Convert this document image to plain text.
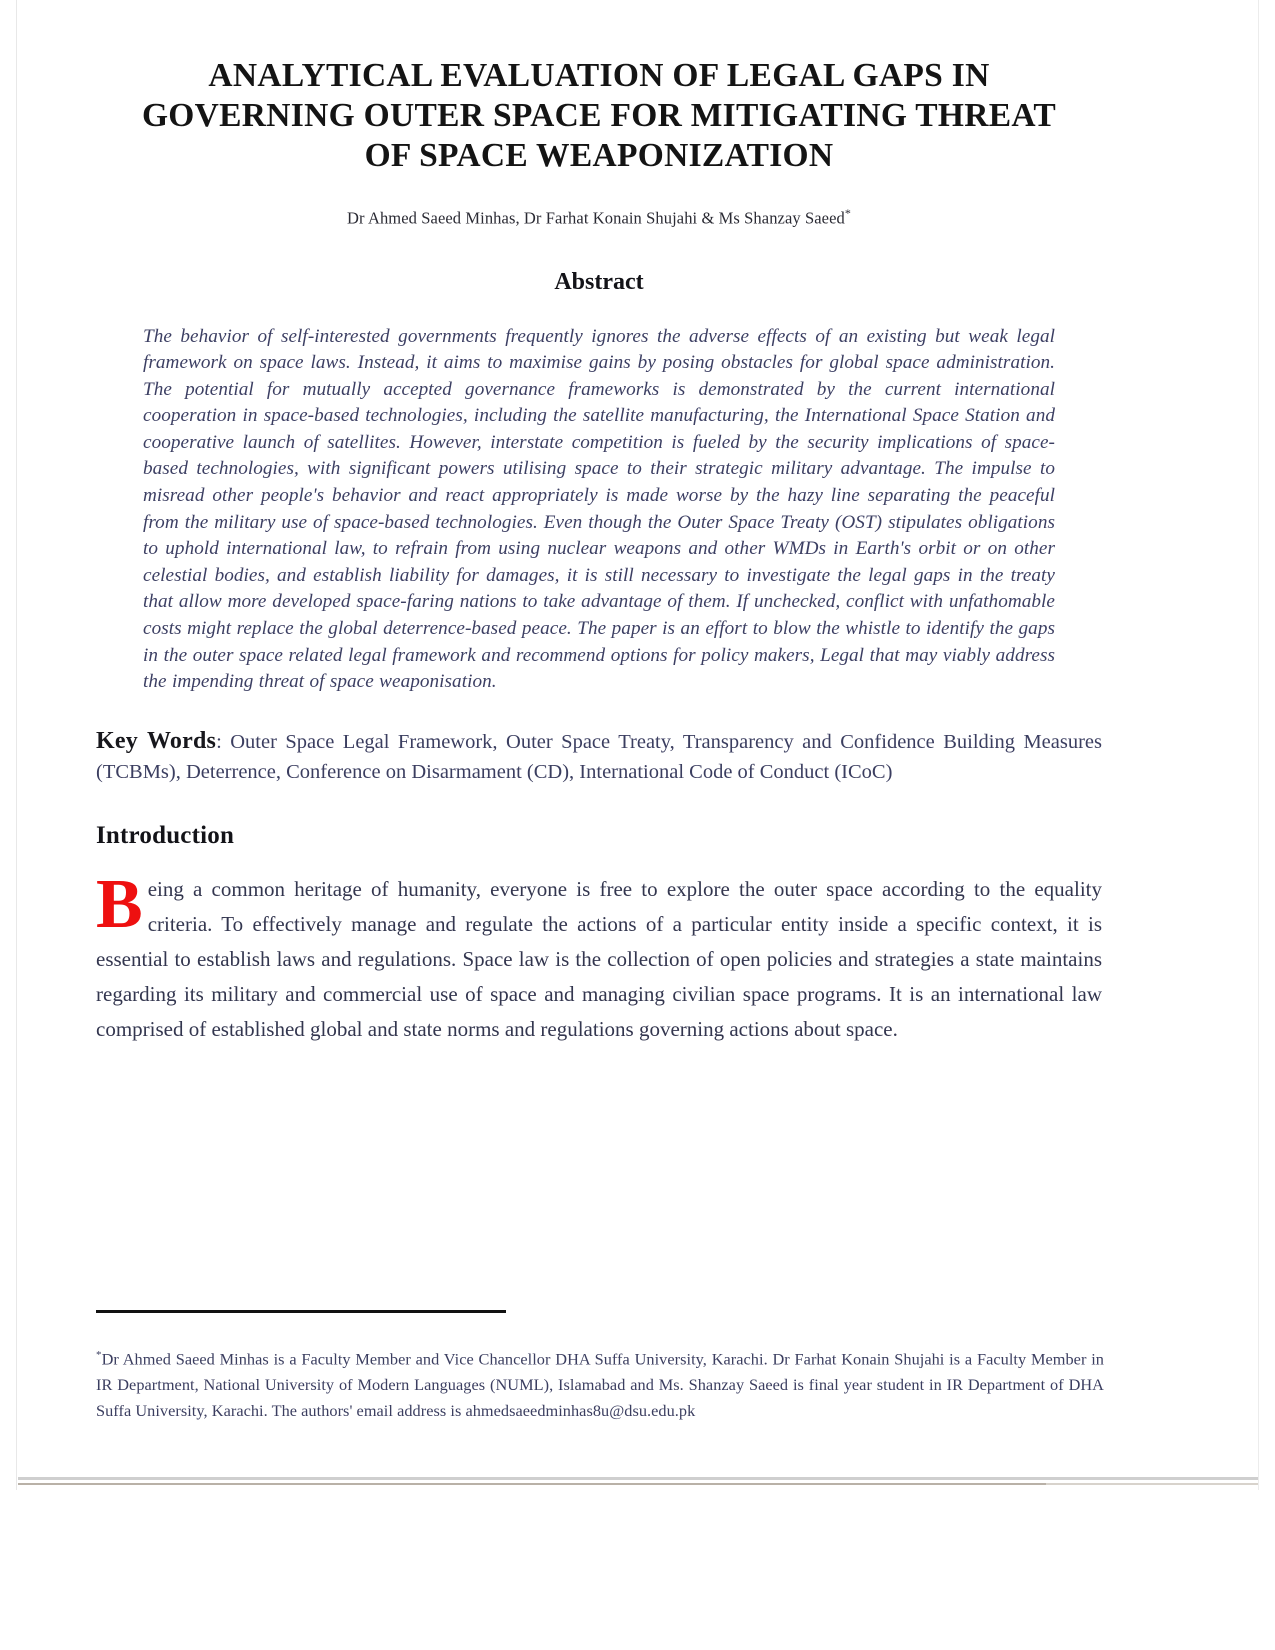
ANALYTICAL EVALUATION OF LEGAL GAPS IN GOVERNING OUTER SPACE FOR MITIGATING THREAT OF SPACE WEAPONIZATION
Dr Ahmed Saeed Minhas, Dr Farhat Konain Shujahi & Ms Shanzay Saeed*
Abstract

The behavior of self-interested governments frequently ignores the adverse effects of an existing but weak legal framework on space laws. Instead, it aims to maximise gains by posing obstacles for global space administration. The potential for mutually accepted governance frameworks is demonstrated by the current international cooperation in space-based technologies, including the satellite manufacturing, the International Space Station and cooperative launch of satellites. However, interstate competition is fueled by the security implications of space-based technologies, with significant powers utilising space to their strategic military advantage. The impulse to misread other people's behavior and react appropriately is made worse by the hazy line separating the peaceful from the military use of space-based technologies. Even though the Outer Space Treaty (OST) stipulates obligations to uphold international law, to refrain from using nuclear weapons and other WMDs in Earth's orbit or on other celestial bodies, and establish liability for damages, it is still necessary to investigate the legal gaps in the treaty that allow more developed space-faring nations to take advantage of them. If unchecked, conflict with unfathomable costs might replace the global deterrence-based peace. The paper is an effort to blow the whistle to identify the gaps in the outer space related legal framework and recommend options for policy makers, Legal that may viably address the impending threat of space weaponisation.

Key Words: Outer Space Legal Framework, Outer Space Treaty, Transparency and Confidence Building Measures (TCBMs), Deterrence, Conference on Disarmament (CD), International Code of Conduct (ICoC)

Introduction

Being a common heritage of humanity, everyone is free to explore the outer space according to the equality criteria. To effectively manage and regulate the actions of a particular entity inside a specific context, it is essential to establish laws and regulations. Space law is the collection of open policies and strategies a state maintains regarding its military and commercial use of space and managing civilian space programs. It is an international law comprised of established global and state norms and regulations governing actions about space.

*Dr Ahmed Saeed Minhas is a Faculty Member and Vice Chancellor DHA Suffa University, Karachi. Dr Farhat Konain Shujahi is a Faculty Member in IR Department, National University of Modern Languages (NUML), Islamabad and Ms. Shanzay Saeed is final year student in IR Department of DHA Suffa University, Karachi. The authors' email address is ahmedsaeedminhas8u@dsu.edu.pk
